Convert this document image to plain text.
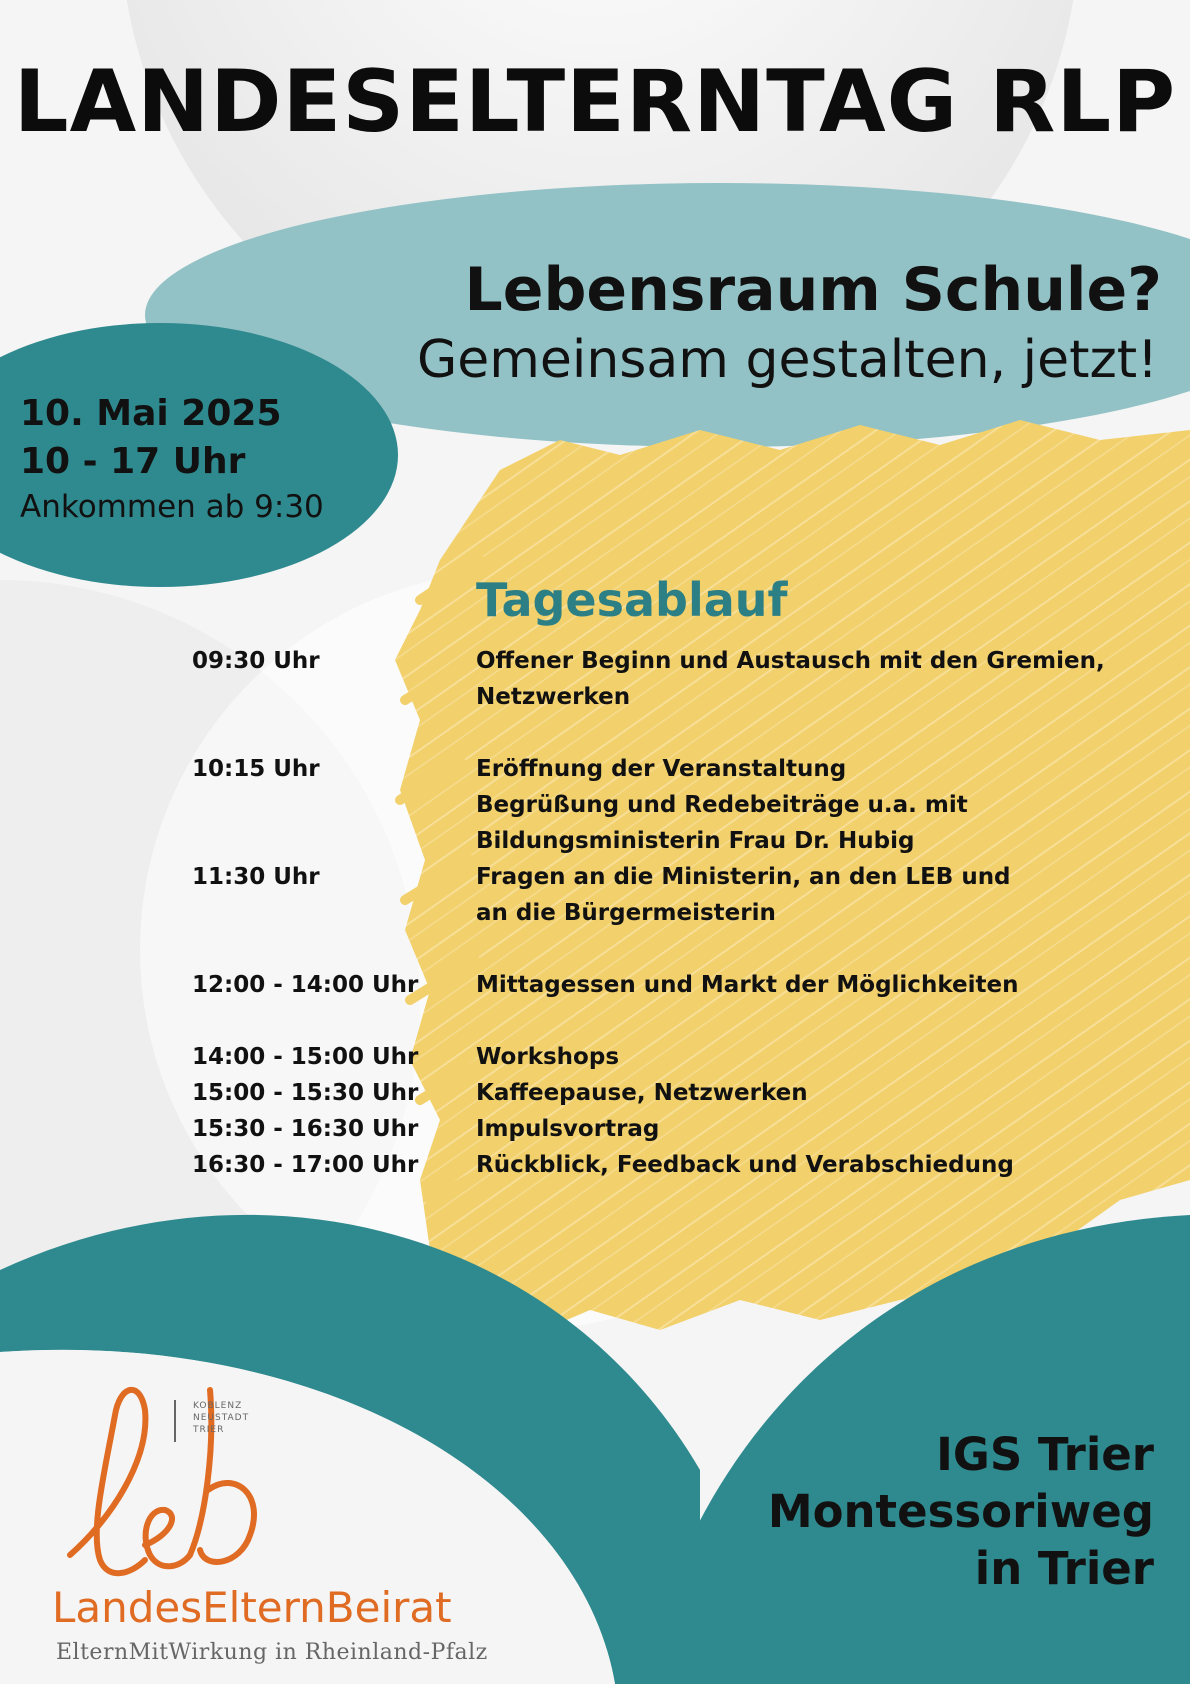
LANDESELTERNTAG RLP
Lebensraum Schule?
Gemeinsam gestalten, jetzt!
10. Mai 2025
10 - 17 Uhr
Ankommen ab 9:30
Tagesablauf
09:30 Uhr	Offener Beginn und Austausch mit den Gremien,
Netzwerken
10:15 Uhr	Eröffnung der Veranstaltung
Begrüßung und Redebeiträge u.a. mit
Bildungsministerin Frau Dr. Hubig
11:30 Uhr	Fragen an die Ministerin, an den LEB und
an die Bürgermeisterin
12:00 - 14:00 Uhr	Mittagessen und Markt der Möglichkeiten
14:00 - 15:00 Uhr	Workshops
15:00 - 15:30 Uhr	Kaffeepause, Netzwerken
15:30 - 16:30 Uhr	Impulsvortrag
16:30 - 17:00 Uhr	Rückblick, Feedback und Verabschiedung
IGS Trier
Montessoriweg
in Trier
KOBLENZ
NEUSTADT
TRIER
LandesElternBeirat
ElternMitWirkung in Rheinland-Pfalz
